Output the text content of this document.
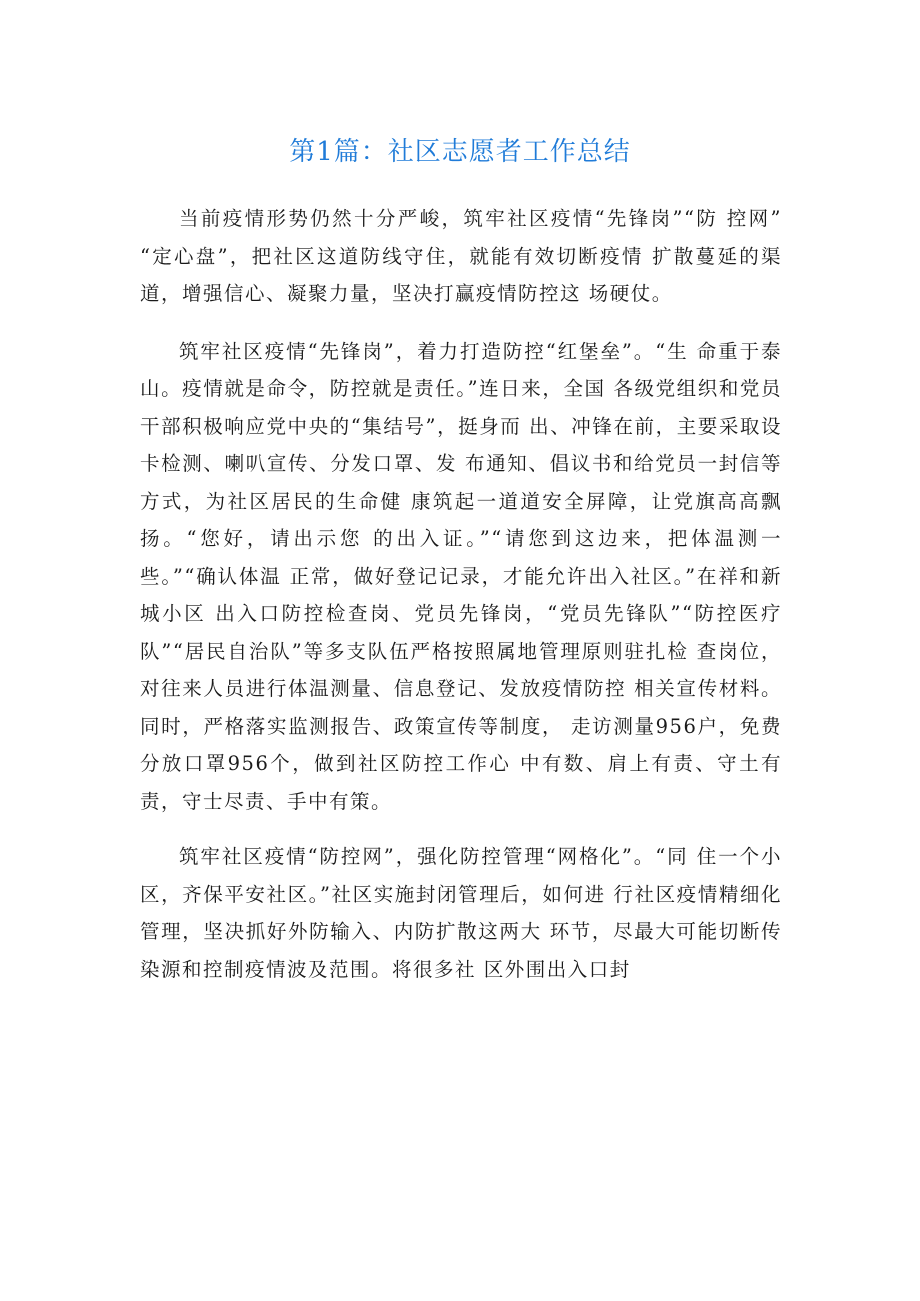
第1篇：社区志愿者工作总结

当前疫情形势仍然十分严峻，筑牢社区疫情“先锋岗”“防 控网” “定心盘”，把社区这道防线守住，就能有效切断疫情 扩散蔓延的渠道，增强信心、凝聚力量，坚决打赢疫情防控这 场硬仗。

筑牢社区疫情“先锋岗”，着力打造防控“红堡垒”。“生 命重于泰山。疫情就是命令，防控就是责任。”连日来，全国 各级党组织和党员干部积极响应党中央的“集结号”，挺身而 出、冲锋在前，主要采取设卡检测、喇叭宣传、分发口罩、发 布通知、倡议书和给党员一封信等方式，为社区居民的生命健 康筑起一道道安全屏障，让党旗高高飘扬。“您好，请出示您 的出入证。”“请您到这边来，把体温测一些。”“确认体温 正常，做好登记记录，才能允许出入社区。”在祥和新城小区 出入口防控检查岗、党员先锋岗，“党员先锋队”“防控医疗 队”“居民自治队”等多支队伍严格按照属地管理原则驻扎检 查岗位，对往来人员进行体温测量、信息登记、发放疫情防控 相关宣传材料。同时，严格落实监测报告、政策宣传等制度， 走访测量956户，免费分放口罩956个，做到社区防控工作心 中有数、肩上有责、守土有责，守士尽责、手中有策。

筑牢社区疫情“防控网”，强化防控管理“网格化”。“同 住一个小区，齐保平安社区。”社区实施封闭管理后，如何进 行社区疫情精细化管理，坚决抓好外防输入、内防扩散这两大 环节，尽最大可能切断传染源和控制疫情波及范围。将很多社 区外围出入口封
